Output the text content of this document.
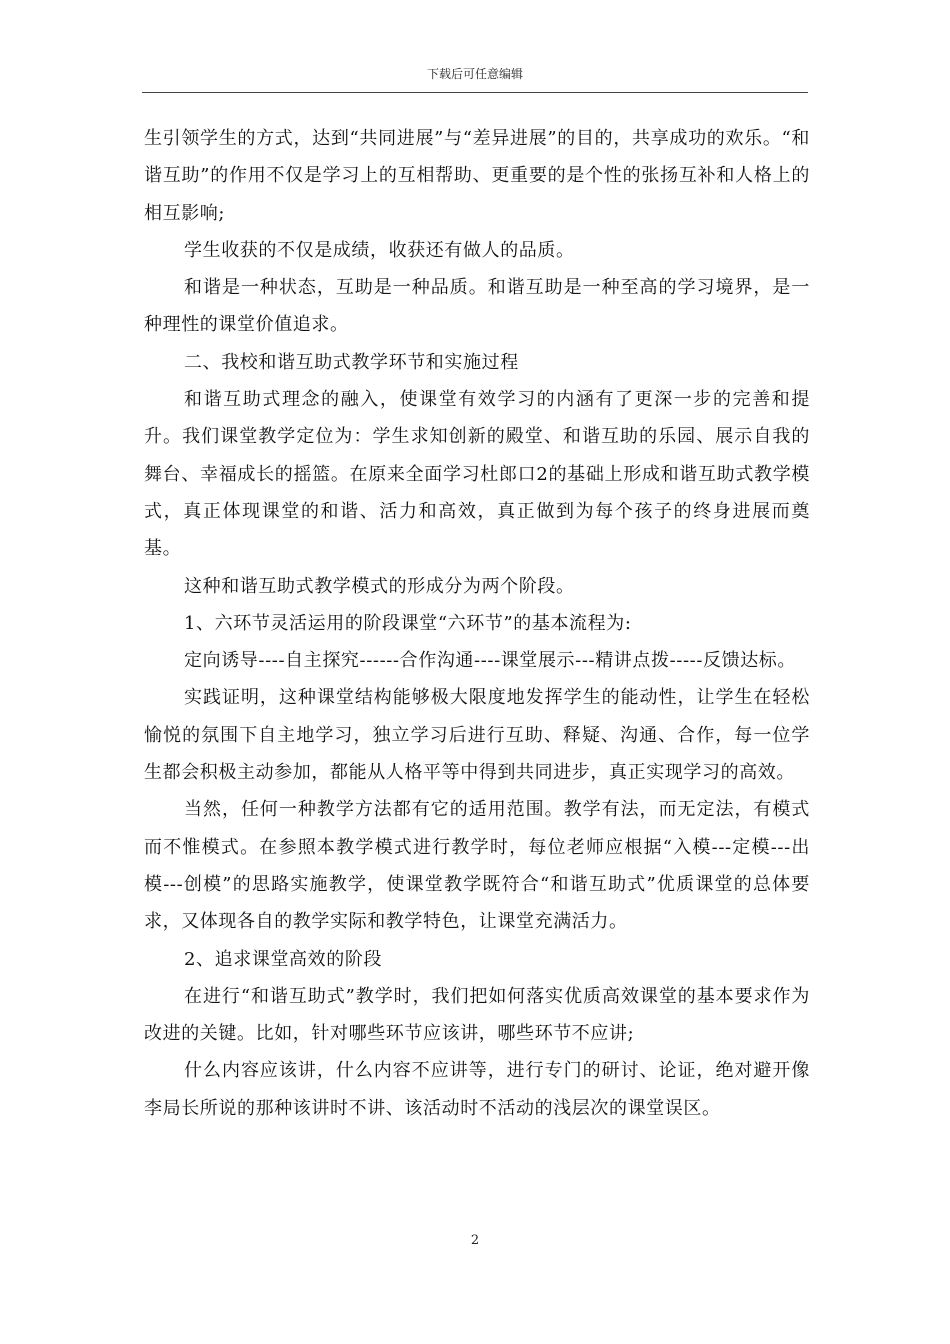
下载后可任意编辑

生引领学生的方式，达到“共同进展”与“差异进展”的目的，共享成功的欢乐。“和谐互助”的作用不仅是学习上的互相帮助、更重要的是个性的张扬互补和人格上的相互影响;

学生收获的不仅是成绩，收获还有做人的品质。

和谐是一种状态，互助是一种品质。和谐互助是一种至高的学习境界，是一种理性的课堂价值追求。

二、我校和谐互助式教学环节和实施过程

和谐互助式理念的融入，使课堂有效学习的内涵有了更深一步的完善和提升。我们课堂教学定位为：学生求知创新的殿堂、和谐互助的乐园、展示自我的舞台、幸福成长的摇篮。在原来全面学习杜郎口2的基础上形成和谐互助式教学模式，真正体现课堂的和谐、活力和高效，真正做到为每个孩子的终身进展而奠基。

这种和谐互助式教学模式的形成分为两个阶段。

1、六环节灵活运用的阶段课堂“六环节”的基本流程为:

定向诱导----自主探究------合作沟通----课堂展示---精讲点拨-----反馈达标。

实践证明，这种课堂结构能够极大限度地发挥学生的能动性，让学生在轻松愉悦的氛围下自主地学习，独立学习后进行互助、释疑、沟通、合作，每一位学生都会积极主动参加，都能从人格平等中得到共同进步，真正实现学习的高效。

当然，任何一种教学方法都有它的适用范围。教学有法，而无定法，有模式而不惟模式。在参照本教学模式进行教学时，每位老师应根据“入模---定模---出模---创模”的思路实施教学，使课堂教学既符合“和谐互助式”优质课堂的总体要求，又体现各自的教学实际和教学特色，让课堂充满活力。

2、追求课堂高效的阶段

在进行“和谐互助式”教学时，我们把如何落实优质高效课堂的基本要求作为改进的关键。比如，针对哪些环节应该讲，哪些环节不应讲;

什么内容应该讲，什么内容不应讲等，进行专门的研讨、论证，绝对避开像李局长所说的那种该讲时不讲、该活动时不活动的浅层次的课堂误区。

2
